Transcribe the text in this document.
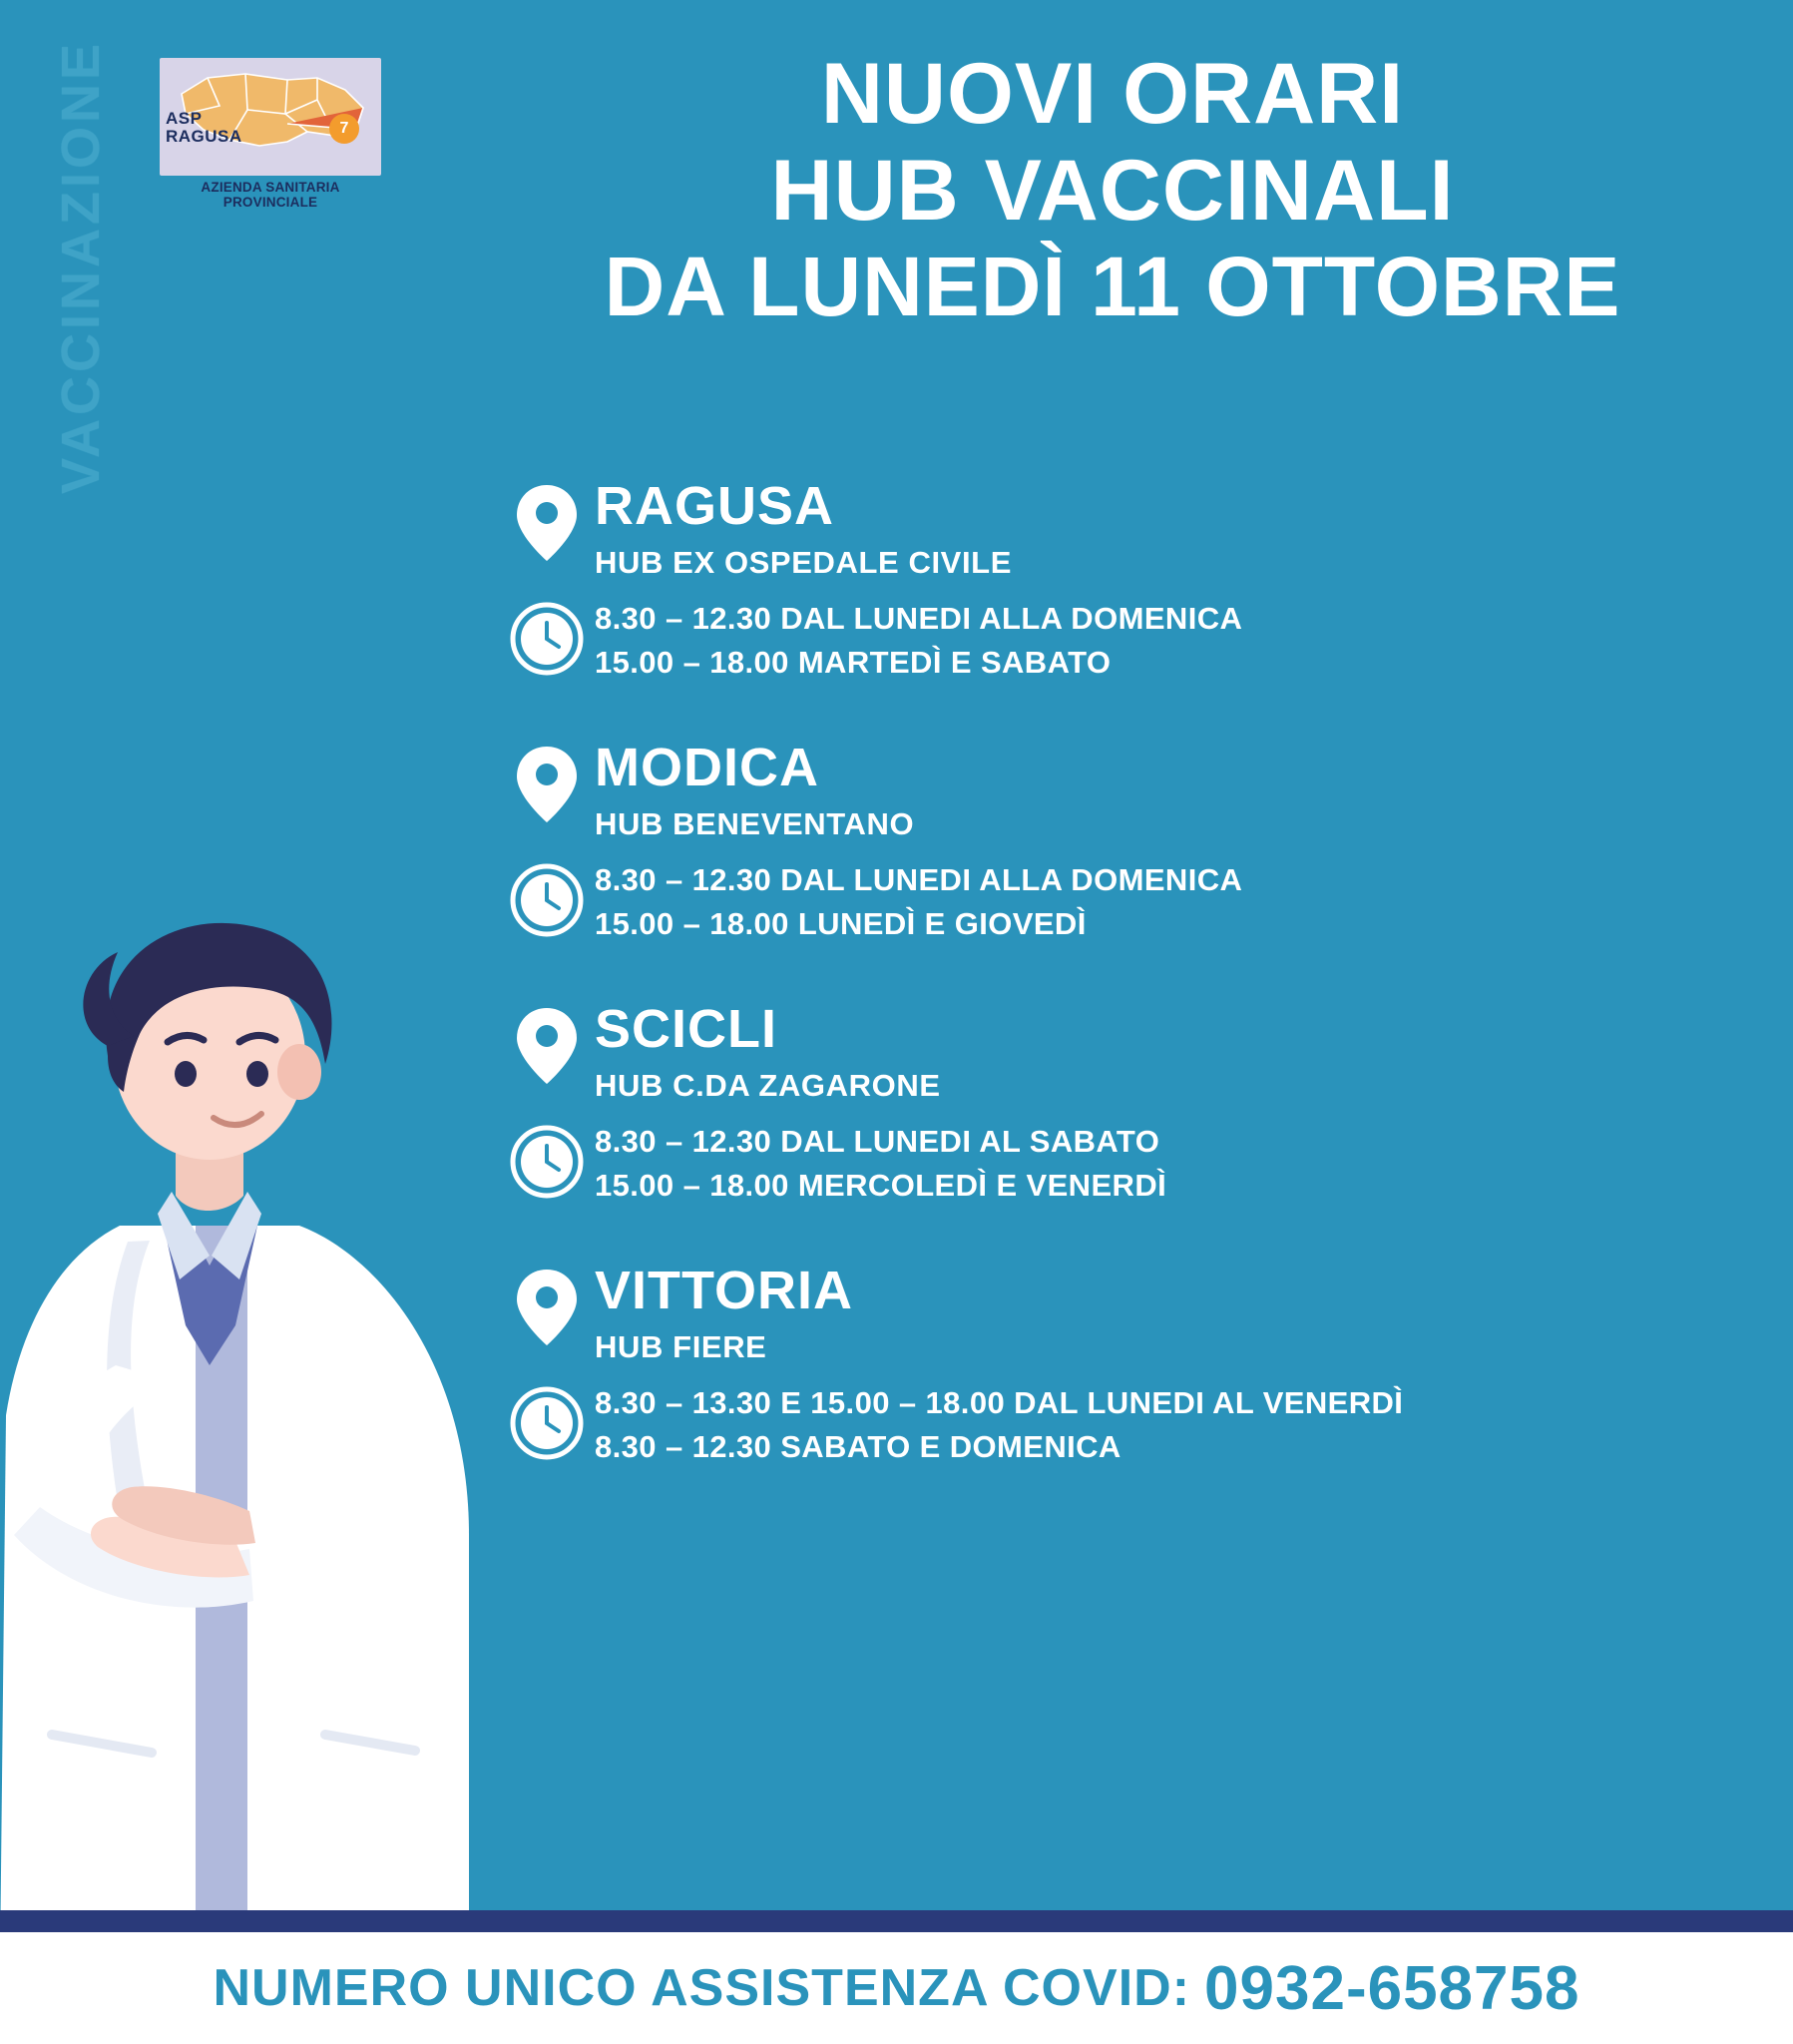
VACCINAZIONE	ASP
RAGUSA	7
AZIENDA SANITARIA PROVINCIALE
NUOVI ORARI
HUB VACCINALI
DA LUNEDÌ 11 OTTOBRE
RAGUSA
HUB EX OSPEDALE CIVILE
8.30 – 12.30 DAL LUNEDI ALLA DOMENICA
15.00 – 18.00 MARTEDÌ E SABATO
MODICA
HUB BENEVENTANO
8.30 – 12.30 DAL LUNEDI ALLA DOMENICA
15.00 – 18.00 LUNEDÌ E GIOVEDÌ
SCICLI
HUB C.DA ZAGARONE
8.30 – 12.30 DAL LUNEDI AL SABATO
15.00 – 18.00 MERCOLEDÌ E VENERDÌ
VITTORIA
HUB FIERE
8.30 – 13.30 E 15.00 – 18.00 DAL LUNEDI AL VENERDÌ
8.30 – 12.30 SABATO E DOMENICA
NUMERO UNICO ASSISTENZA COVID: 0932-658758
